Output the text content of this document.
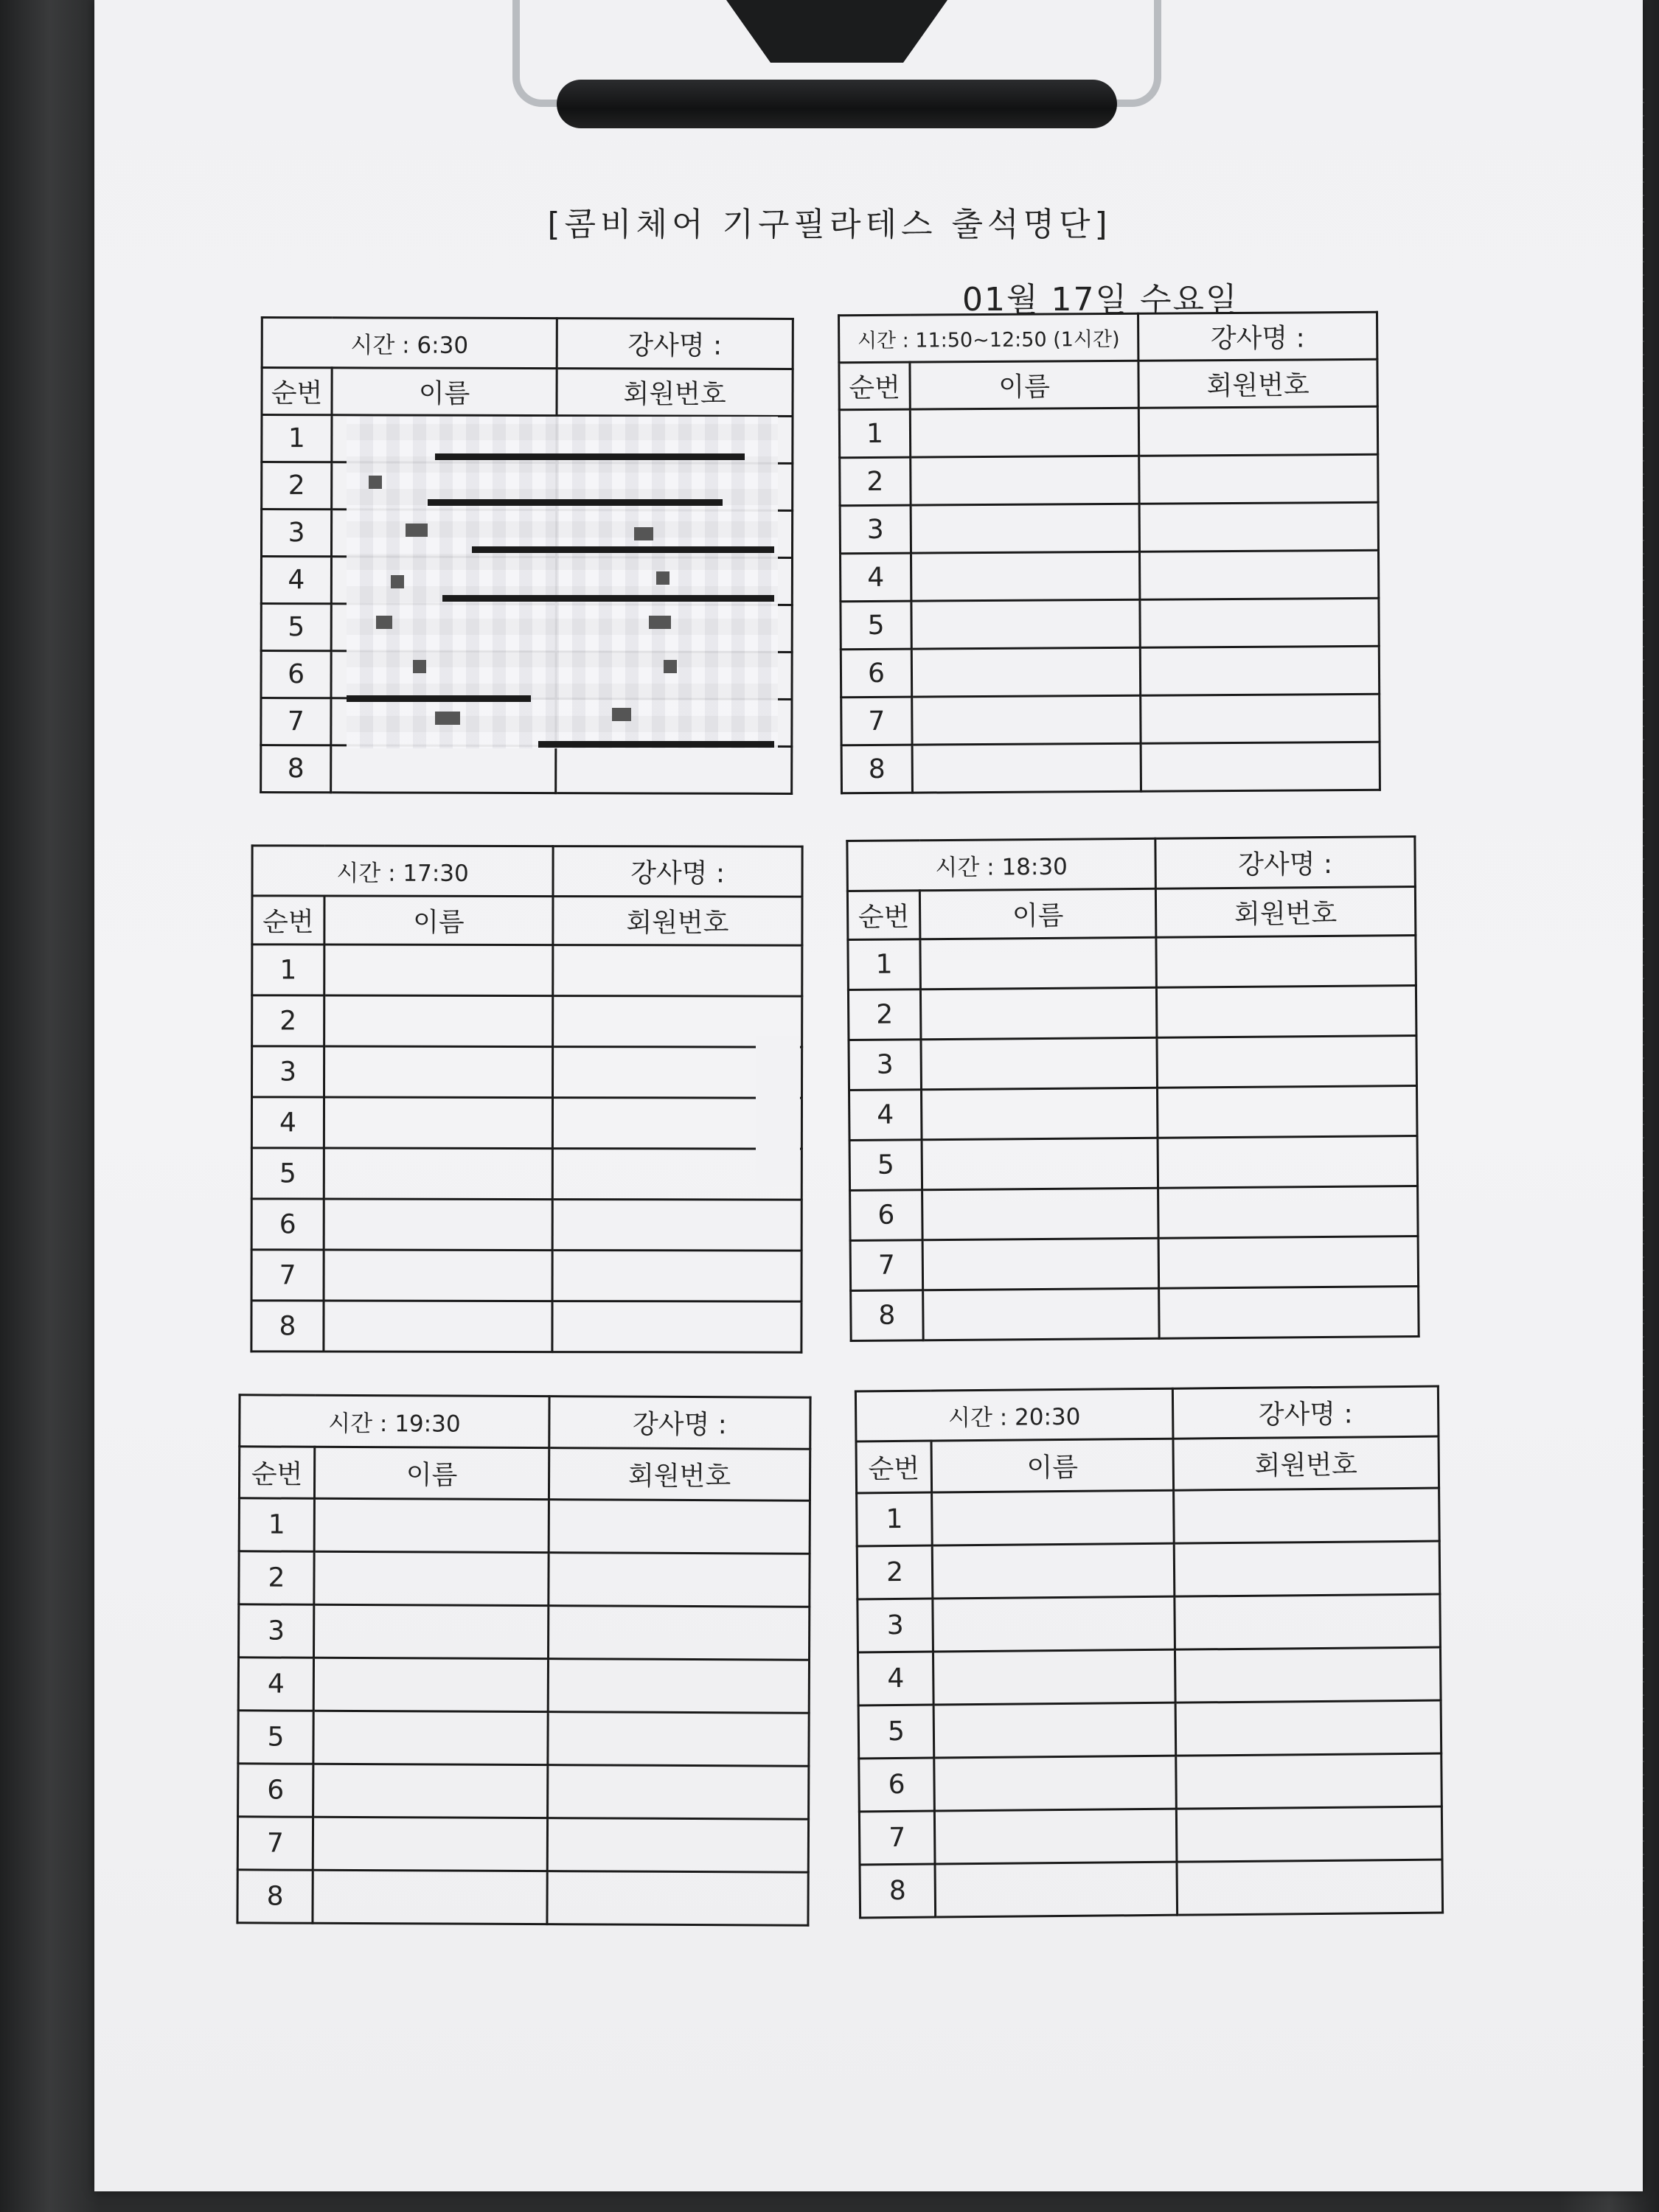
[콤비체어 기구필라테스 출석명단]
01월 17일 수요일
시간 : 6:30		강사명 :
순번	이름	회원번호
1		
2		
3		
4		
5		
6		
7		
8		
시간 : 11:50~12:50 (1시간)		강사명 :
순번	이름	회원번호
1		
2		
3		
4		
5		
6		
7		
8		
시간 : 17:30		강사명 :
순번	이름	회원번호
1		
2		
3		
4		
5		
6		
7		
8		
시간 : 18:30		강사명 :
순번	이름	회원번호
1		
2		
3		
4		
5		
6		
7		
8		
시간 : 19:30		강사명 :
순번	이름	회원번호
1		
2		
3		
4		
5		
6		
7		
8		
시간 : 20:30		강사명 :
순번	이름	회원번호
1		
2		
3		
4		
5		
6		
7		
8		
